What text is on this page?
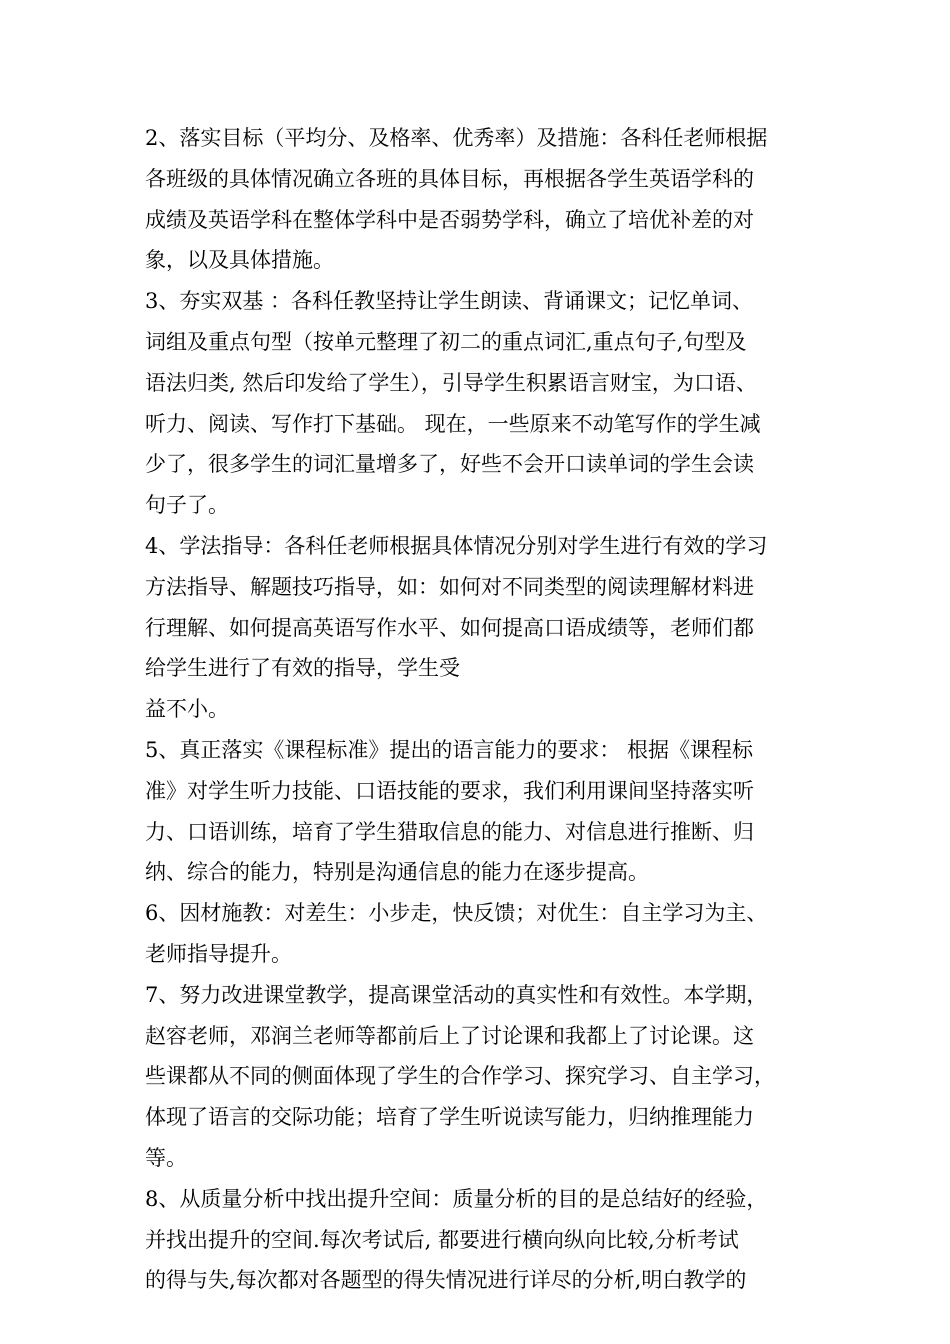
2、落实目标（平均分、及格率、优秀率）及措施：各科任老师根据
各班级的具体情况确立各班的具体目标，再根据各学生英语学科的
成绩及英语学科在整体学科中是否弱势学科，确立了培优补差的对
象，以及具体措施。
3、夯实双基 ：各科任教坚持让学生朗读、背诵课文；记忆单词、
词组及重点句型（按单元整理了初二的重点词汇,重点句子,句型及
语法归类, 然后印发给了学生），引导学生积累语言财宝，为口语、
听力、阅读、写作打下基础。 现在，一些原来不动笔写作的学生减
少了，很多学生的词汇量增多了，好些不会开口读单词的学生会读
句子了。
4、学法指导：各科任老师根据具体情况分别对学生进行有效的学习
方法指导、解题技巧指导，如：如何对不同类型的阅读理解材料进
行理解、如何提高英语写作水平、如何提高口语成绩等，老师们都
给学生进行了有效的指导，学生受
益不小。
5、真正落实《课程标准》提出的语言能力的要求： 根据《课程标
准》对学生听力技能、口语技能的要求，我们利用课间坚持落实听
力、口语训练，培育了学生猎取信息的能力、对信息进行推断、归
纳、综合的能力，特别是沟通信息的能力在逐步提高。
6、因材施教：对差生：小步走，快反馈；对优生：自主学习为主、
老师指导提升。
7、努力改进课堂教学，提高课堂活动的真实性和有效性。本学期，
赵容老师，邓润兰老师等都前后上了讨论课和我都上了讨论课。这
些课都从不同的侧面体现了学生的合作学习、探究学习、自主学习，
体现了语言的交际功能；培育了学生听说读写能力，归纳推理能力
等。
8、从质量分析中找出提升空间：质量分析的目的是总结好的经验，
并找出提升的空间.每次考试后, 都要进行横向纵向比较,分析考试
的得与失,每次都对各题型的得失情况进行详尽的分析,明白教学的
